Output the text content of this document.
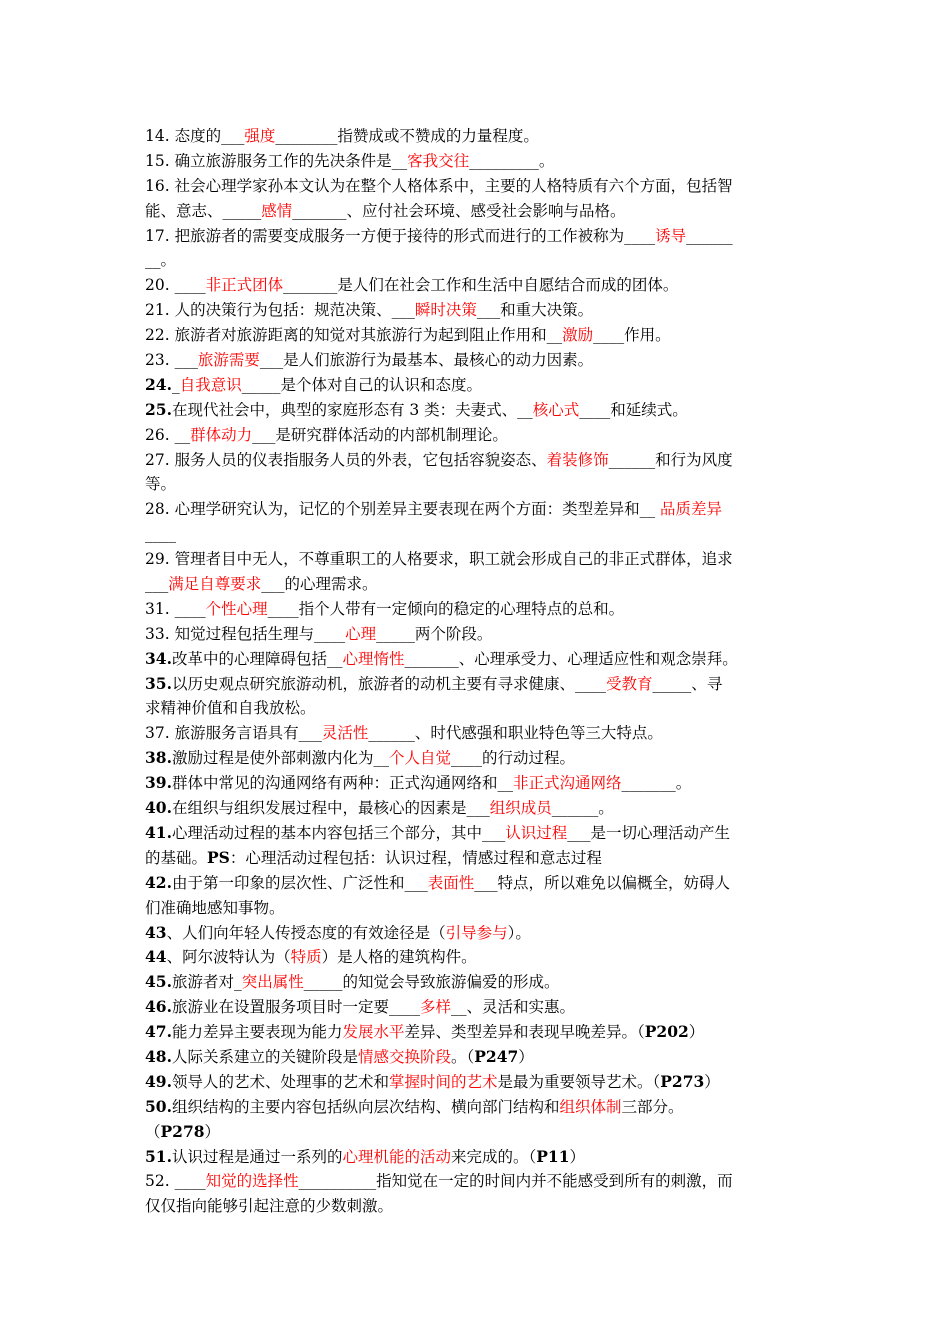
14. 态度的___强度________指赞成或不赞成的力量程度。
15. 确立旅游服务工作的先决条件是__客我交往_________。
16. 社会心理学家孙本文认为在整个人格体系中，主要的人格特质有六个方面，包括智
能、意志、_____感情_______、应付社会环境、感受社会影响与品格。
17. 把旅游者的需要变成服务一方便于接待的形式而进行的工作被称为____诱导______
__。
20. ____非正式团体_______是人们在社会工作和生活中自愿结合而成的团体。
21. 人的决策行为包括：规范决策、___瞬时决策___和重大决策。
22. 旅游者对旅游距离的知觉对其旅游行为起到阻止作用和__激励____作用。
23. ___旅游需要___是人们旅游行为最基本、最核心的动力因素。
24._自我意识_____是个体对自己的认识和态度。
25.在现代社会中，典型的家庭形态有 3 类：夫妻式、__核心式____和延续式。
26. __群体动力___是研究群体活动的内部机制理论。
27. 服务人员的仪表指服务人员的外表，它包括容貌姿态、着装修饰______和行为风度
等。
28. 心理学研究认为，记忆的个别差异主要表现在两个方面：类型差异和__ 品质差异
____
29. 管理者目中无人，不尊重职工的人格要求，职工就会形成自己的非正式群体，追求
___满足自尊要求___的心理需求。
31. ____个性心理____指个人带有一定倾向的稳定的心理特点的总和。
33. 知觉过程包括生理与____心理_____两个阶段。
34.改革中的心理障碍包括__心理惰性_______、心理承受力、心理适应性和观念崇拜。
35.以历史观点研究旅游动机，旅游者的动机主要有寻求健康、____受教育_____、寻
求精神价值和自我放松。
37. 旅游服务言语具有___灵活性______、时代感强和职业特色等三大特点。
38.激励过程是使外部刺激内化为__个人自觉____的行动过程。
39.群体中常见的沟通网络有两种：正式沟通网络和__非正式沟通网络_______。
40.在组织与组织发展过程中，最核心的因素是___组织成员______。
41.心理活动过程的基本内容包括三个部分，其中___认识过程___是一切心理活动产生
的基础。PS：心理活动过程包括：认识过程，情感过程和意志过程
42.由于第一印象的层次性、广泛性和___表面性___特点，所以难免以偏概全，妨碍人
们准确地感知事物。
43、人们向年轻人传授态度的有效途径是（引导参与）。
44、阿尔波特认为（特质）是人格的建筑构件。
45.旅游者对_突出属性_____的知觉会导致旅游偏爱的形成。
46.旅游业在设置服务项目时一定要____多样__、灵活和实惠。
47.能力差异主要表现为能力发展水平差异、类型差异和表现早晚差异。（P202）
48.人际关系建立的关键阶段是情感交换阶段。（P247）
49.领导人的艺术、处理事的艺术和掌握时间的艺术是最为重要领导艺术。（P273）
50.组织结构的主要内容包括纵向层次结构、横向部门结构和组织体制三部分。
（P278）
51.认识过程是通过一系列的心理机能的活动来完成的。（P11）
52. ____知觉的选择性__________指知觉在一定的时间内并不能感受到所有的刺激，而
仅仅指向能够引起注意的少数刺激。
